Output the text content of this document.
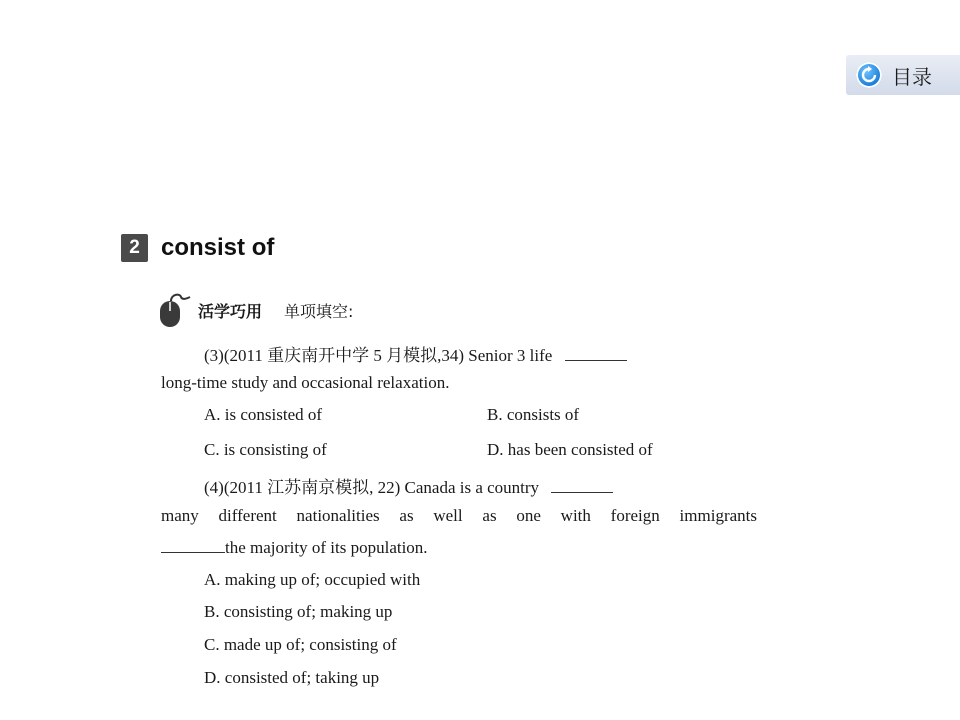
目录
2 consist of
活学巧用 单项填空:
(3)(2011 重庆南开中学 5 月模拟,34) Senior 3 life
long-time study and occasional relaxation.
A. is consisted of	B. consists of
C. is consisting of	D. has been consisted of
(4)(2011 江苏南京模拟, 22) Canada is a country
many different nationalities as well as one with foreign immigrants
the majority of its population.
A. making up of; occupied with
B. consisting of; making up
C. made up of; consisting of
D. consisted of; taking up
